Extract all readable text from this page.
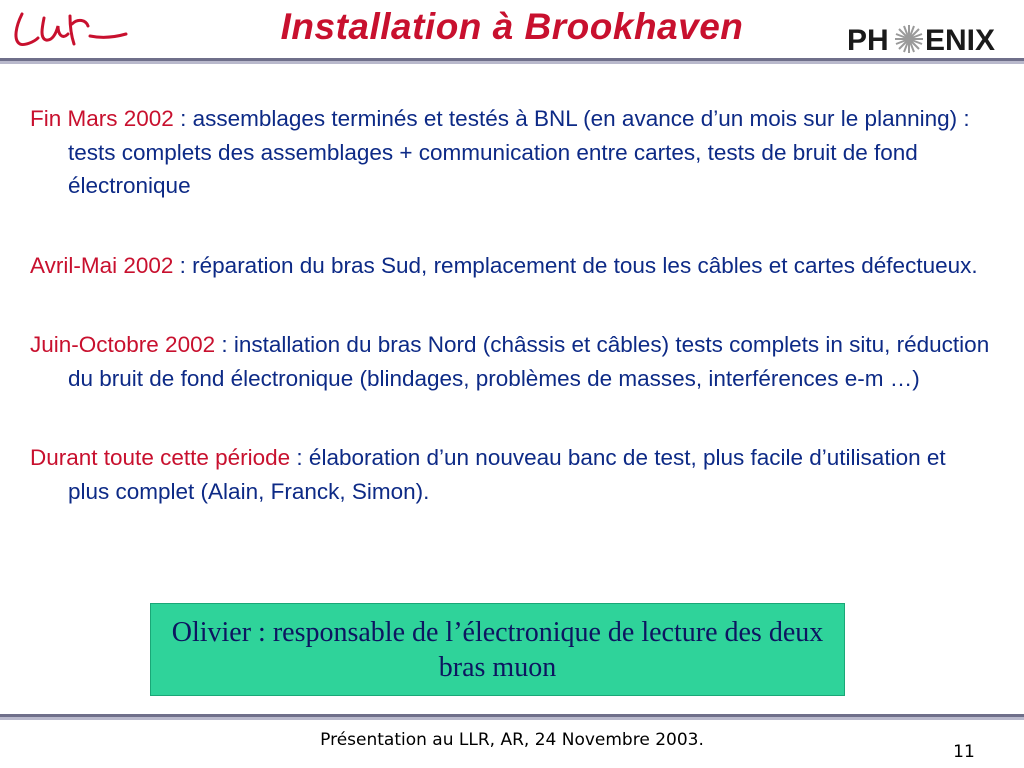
Installation à Brookhaven	PH ENIX

Fin Mars 2002 : assemblages terminés et testés à BNL (en avance d’un mois sur le planning) : tests complets des assemblages + communication entre cartes, tests de bruit de fond électronique

Avril-Mai 2002 : réparation du bras Sud, remplacement de tous les câbles et cartes défectueux.

Juin-Octobre 2002 : installation du bras Nord (châssis et câbles) tests complets in situ, réduction du bruit de fond électronique (blindages, problèmes de masses, interférences e-m …)

Durant toute cette période : élaboration d’un nouveau banc de test, plus facile d’utilisation et plus complet (Alain, Franck, Simon).

Olivier : responsable de l’électronique de lecture des deux bras muon
Présentation au LLR, AR, 24 Novembre 2003.
11
